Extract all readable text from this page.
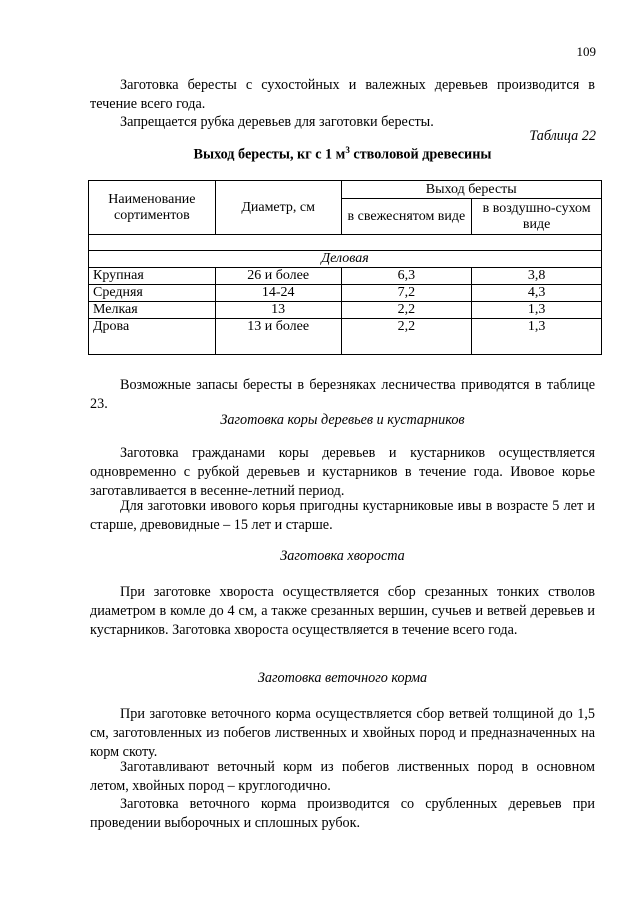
109

Заготовка бересты с сухостойных и валежных деревьев производится в течение всего года.

Запрещается рубка деревьев для заготовки бересты.

Таблица 22
Выход бересты, кг с 1 $м^3$ стволовой древесины
Наименование сортиментов	Диаметр, см	Выход бересты	
		в свежеснятом виде	в воздушно-сухом виде

Деловая			
Крупная	26 и более	6,3	3,8
Средняя	14-24	7,2	4,3
Мелкая	13	2,2	1,3
Дрова	13 и более	2,2	1,3

Возможные запасы бересты в березняках лесничества приводятся в таблице 23.

Заготовка коры деревьев и кустарников

Заготовка гражданами коры деревьев и кустарников осуществляется одновременно с рубкой деревьев и кустарников в течение года. Ивовое корье заготавливается в весенне-летний период.

Для заготовки ивового корья пригодны кустарниковые ивы в возрасте 5 лет и старше, древовидные – 15 лет и старше.

Заготовка хвороста

При заготовке хвороста осуществляется сбор срезанных тонких стволов диаметром в комле до 4 см, а также срезанных вершин, сучьев и ветвей деревьев и кустарников. Заготовка хвороста осуществляется в течение всего года.

Заготовка веточного корма

При заготовке веточного корма осуществляется сбор ветвей толщиной до 1,5 см, заготовленных из побегов лиственных и хвойных пород и предназначенных на корм скоту.

Заготавливают веточный корм из побегов лиственных пород в основном летом, хвойных пород – круглогодично.

Заготовка веточного корма производится со срубленных деревьев при проведении выборочных и сплошных рубок.
